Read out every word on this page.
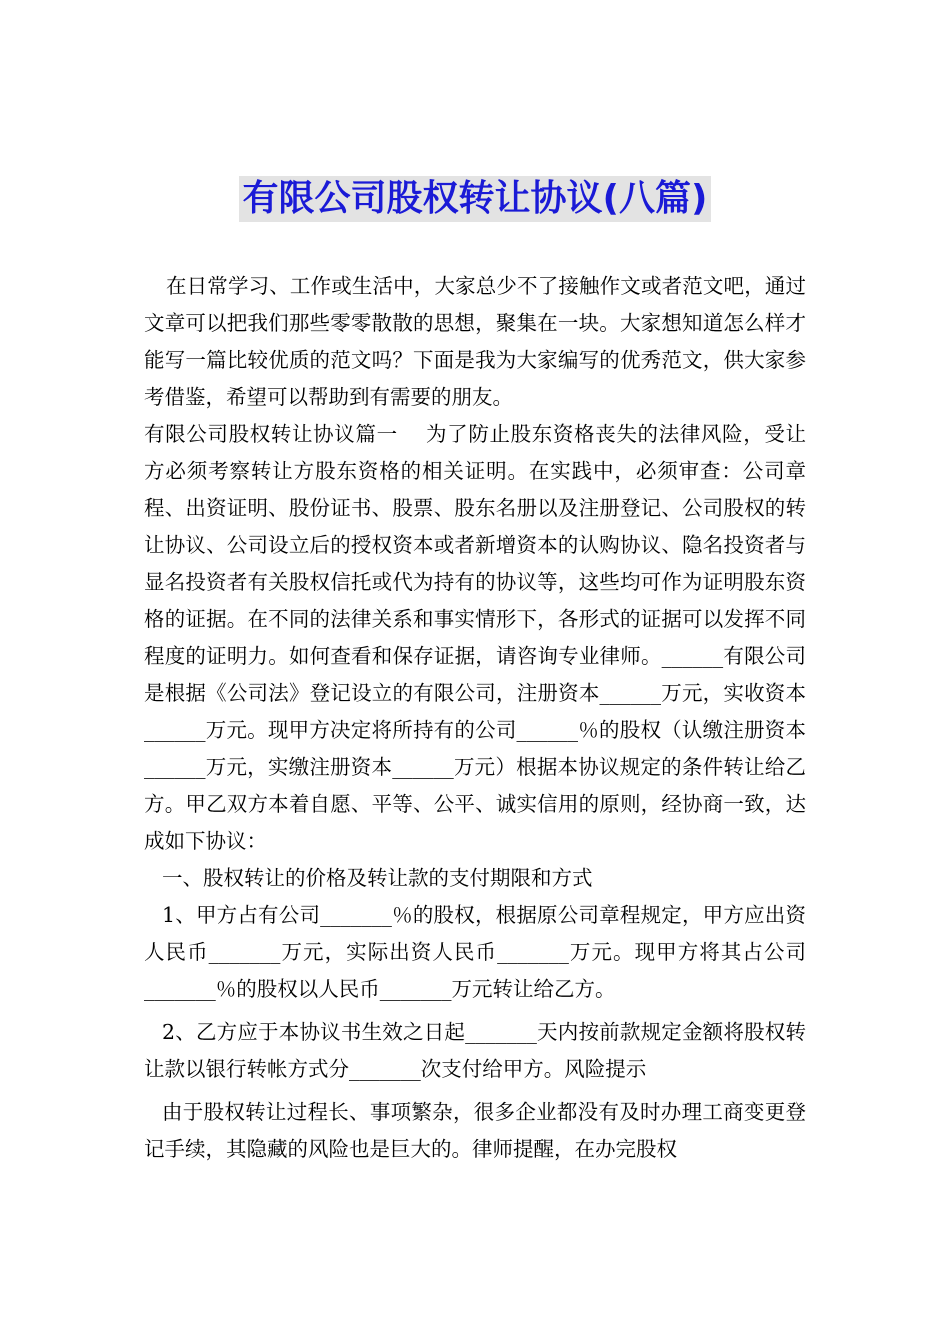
有限公司股权转让协议(八篇)

在日常学习、工作或生活中，大家总少不了接触作文或者范文吧，通过文章可以把我们那些零零散散的思想，聚集在一块。大家想知道怎么样才能写一篇比较优质的范文吗？下面是我为大家编写的优秀范文，供大家参考借鉴，希望可以帮助到有需要的朋友。

有限公司股权转让协议篇一　 为了防止股东资格丧失的法律风险，受让方必须考察转让方股东资格的相关证明。在实践中，必须审查：公司章程、出资证明、股份证书、股票、股东名册以及注册登记、公司股权的转让协议、公司设立后的授权资本或者新增资本的认购协议、隐名投资者与显名投资者有关股权信托或代为持有的协议等，这些均可作为证明股东资格的证据。在不同的法律关系和事实情形下，各形式的证据可以发挥不同程度的证明力。如何查看和保存证据，请咨询专业律师。______有限公司是根据《公司法》登记设立的有限公司，注册资本______万元，实收资本______万元。现甲方决定将所持有的公司______％的股权（认缴注册资本______万元，实缴注册资本______万元）根据本协议规定的条件转让给乙方。甲乙双方本着自愿、平等、公平、诚实信用的原则，经协商一致，达成如下协议：

一、股权转让的价格及转让款的支付期限和方式

1、甲方占有公司_______％的股权，根据原公司章程规定，甲方应出资人民币_______万元，实际出资人民币_______万元。现甲方将其占公司_______％的股权以人民币_______万元转让给乙方。

2、乙方应于本协议书生效之日起_______天内按前款规定金额将股权转让款以银行转帐方式分_______次支付给甲方。风险提示

由于股权转让过程长、事项繁杂，很多企业都没有及时办理工商变更登记手续，其隐藏的风险也是巨大的。律师提醒，在办完股权
